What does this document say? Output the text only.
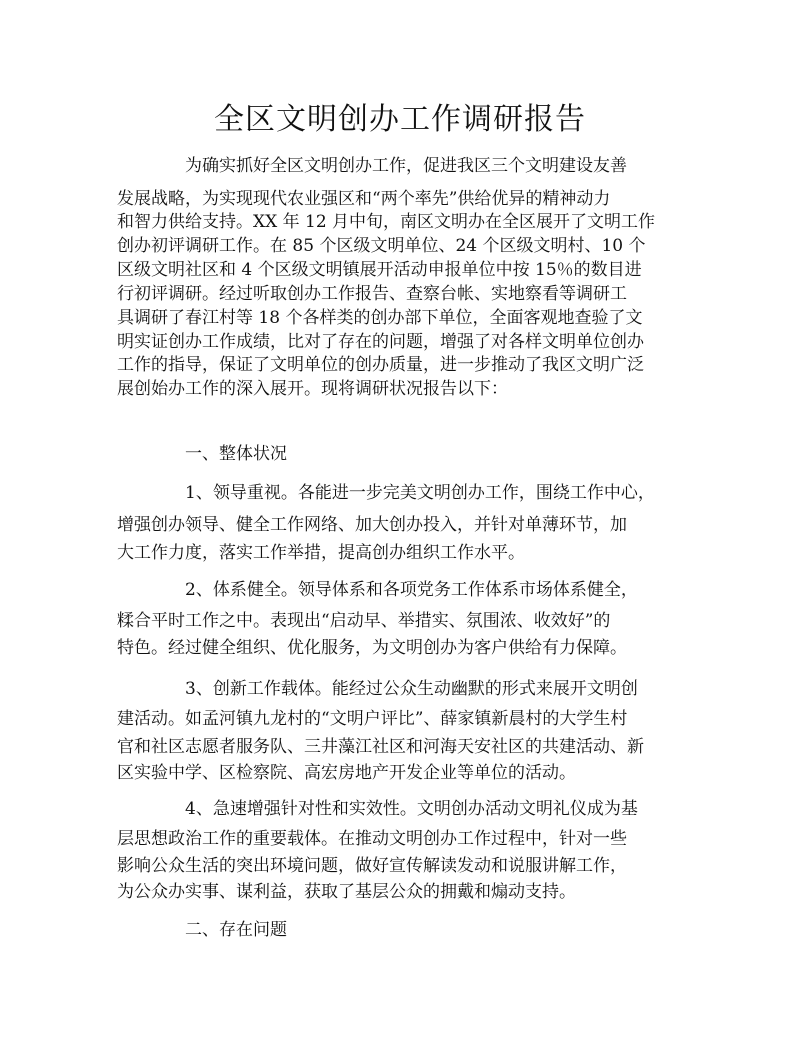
全区文明创办工作调研报告
为确实抓好全区文明创办工作，促进我区三个文明建设友善
发展战略，为实现现代农业强区和“两个率先”供给优异的精神动力
和智力供给支持。XX 年 12 月中旬，南区文明办在全区展开了文明工作
创办初评调研工作。在 85 个区级文明单位、24 个区级文明村、10 个
区级文明社区和 4 个区级文明镇展开活动申报单位中按 15％的数目进
行初评调研。经过听取创办工作报告、查察台帐、实地察看等调研工
具调研了春江村等 18 个各样类的创办部下单位，全面客观地查验了文
明实证创办工作成绩，比对了存在的问题，增强了对各样文明单位创办
工作的指导，保证了文明单位的创办质量，进一步推动了我区文明广泛
展创始办工作的深入展开。现将调研状况报告以下：
一、整体状况
1、领导重视。各能进一步完美文明创办工作，围绕工作中心，
增强创办领导、健全工作网络、加大创办投入，并针对单薄环节，加
大工作力度，落实工作举措，提高创办组织工作水平。
2、体系健全。领导体系和各项党务工作体系市场体系健全，
糅合平时工作之中。表现出“启动早、举措实、氛围浓、收效好”的
特色。经过健全组织、优化服务，为文明创办为客户供给有力保障。
3、创新工作载体。能经过公众生动幽默的形式来展开文明创
建活动。如孟河镇九龙村的“文明户评比”、薛家镇新晨村的大学生村
官和社区志愿者服务队、三井藻江社区和河海天安社区的共建活动、新
区实验中学、区检察院、高宏房地产开发企业等单位的活动。
4、急速增强针对性和实效性。文明创办活动文明礼仪成为基
层思想政治工作的重要载体。在推动文明创办工作过程中，针对一些
影响公众生活的突出环境问题，做好宣传解读发动和说服讲解工作，
为公众办实事、谋利益，获取了基层公众的拥戴和煽动支持。
二、存在问题
